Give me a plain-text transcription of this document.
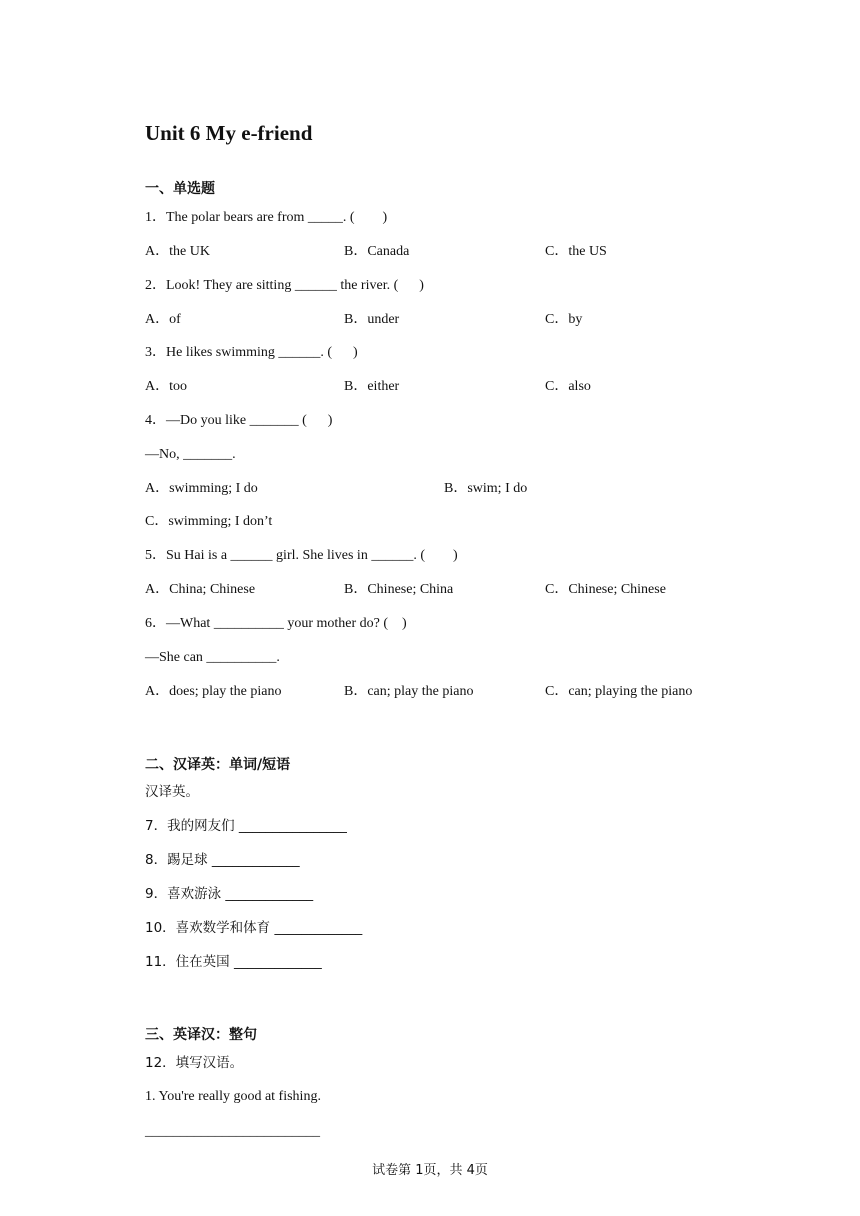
Unit 6 My e-friend
一、单选题
1．The polar bears are from _____. (        )
A．the UK	B．Canada	C．the US
2．Look! They are sitting ______ the river. (      )
A．of	B．under	C．by
3．He likes swimming ______. (      )
A．too	B．either	C．also
4．—Do you like _______ (      )
—No, _______.
A．swimming; I do	B．swim; I do
C．swimming; I don’t
5．Su Hai is a ______ girl. She lives in ______. (        )
A．China; Chinese	B．Chinese; China	C．Chinese; Chinese
6．—What __________ your mother do? (    )
—She can __________.
A．does; play the piano	B．can; play the piano	C．can; playing the piano
二、汉译英：单词/短语
汉译英。
7．我的网友们 ________________
8．踢足球 _____________
9．喜欢游泳 _____________
10．喜欢数学和体育 _____________
11．住在英国 _____________
三、英译汉：整句
12．填写汉语。
1. You're really good at fishing.
_________________________
试卷第 1页，共 4页
